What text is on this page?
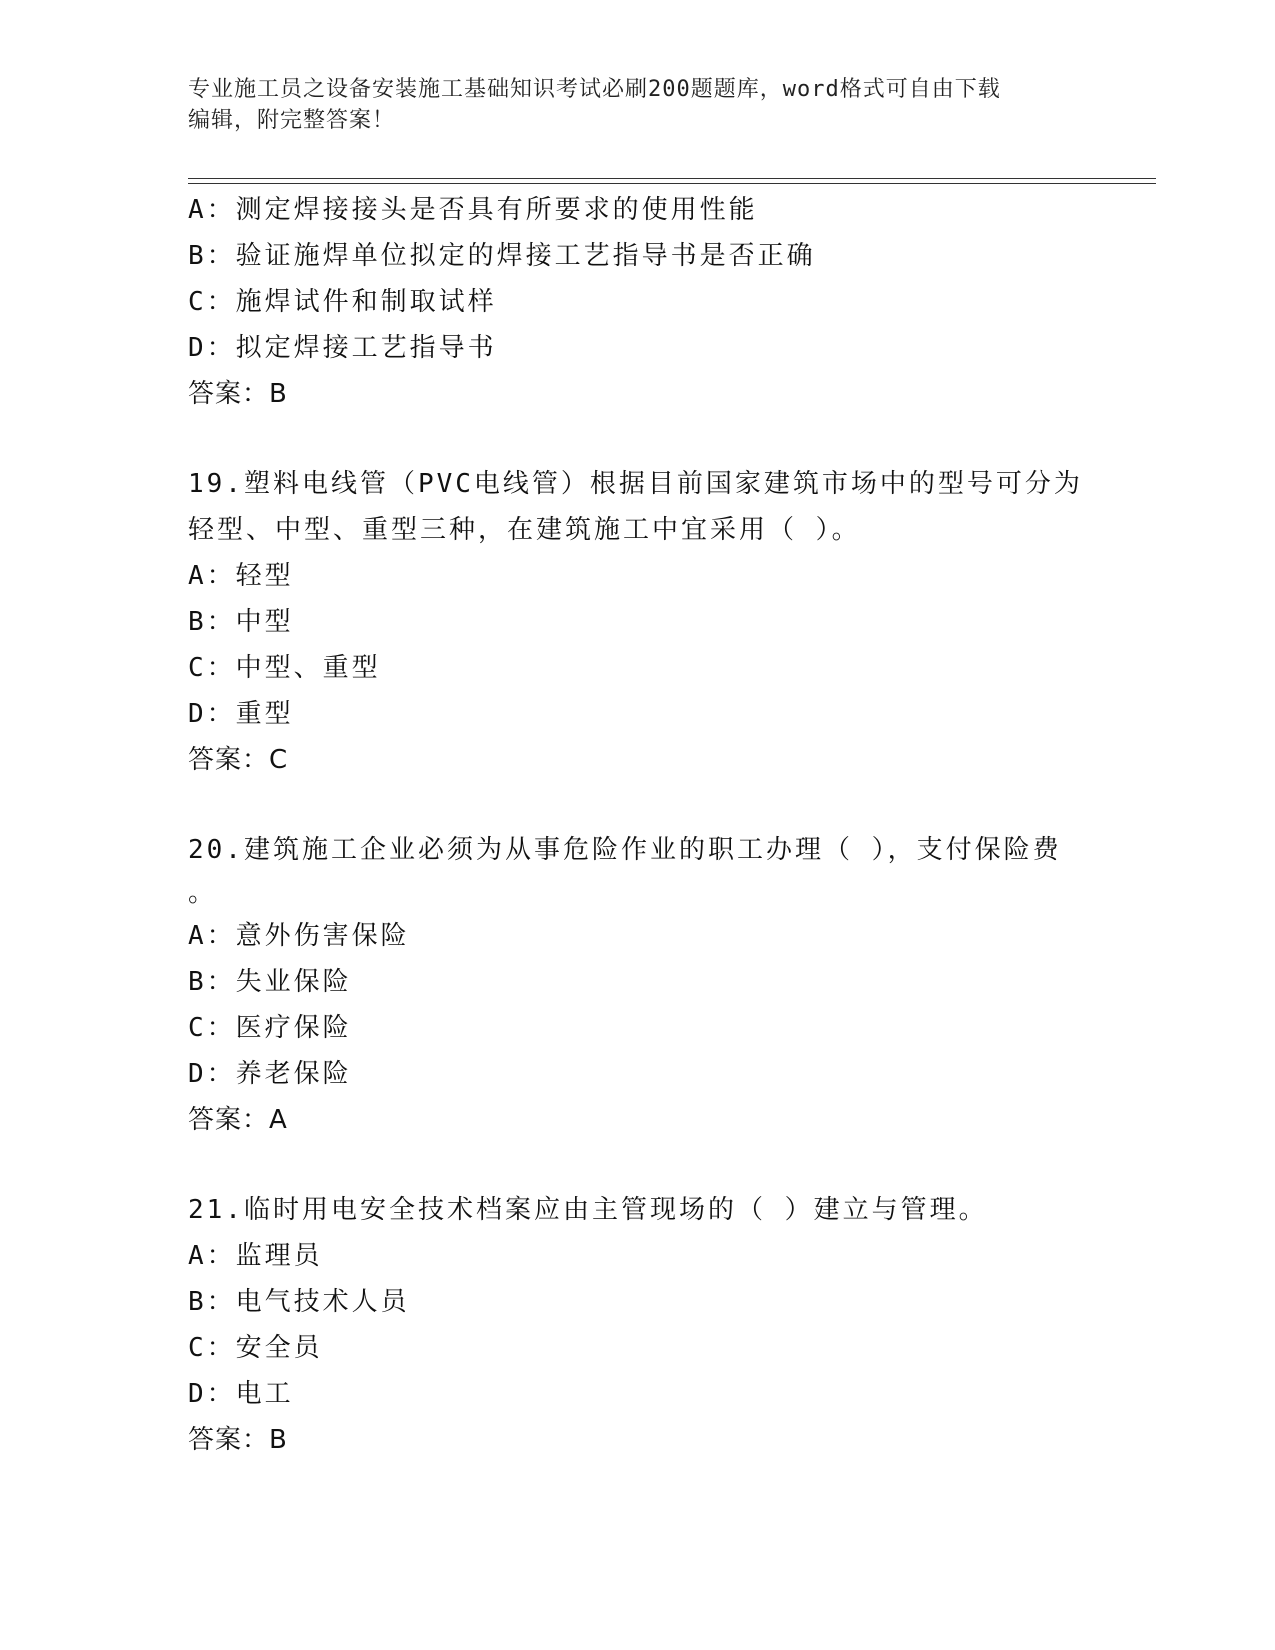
专业施工员之设备安装施工基础知识考试必刷200题题库，word格式可自由下载
编辑，附完整答案！
A：测定焊接接头是否具有所要求的使用性能
B：验证施焊单位拟定的焊接工艺指导书是否正确
C：施焊试件和制取试样
D：拟定焊接工艺指导书
答案：B
19.塑料电线管（PVC电线管）根据目前国家建筑市场中的型号可分为
轻型、中型、重型三种，在建筑施工中宜采用（ ）。
A：轻型
B：中型
C：中型、重型
D：重型
答案：C
20.建筑施工企业必须为从事危险作业的职工办理（ ），支付保险费
。
A：意外伤害保险
B：失业保险
C：医疗保险
D：养老保险
答案：A
21.临时用电安全技术档案应由主管现场的（ ）建立与管理。
A：监理员
B：电气技术人员
C：安全员
D：电工
答案：B
